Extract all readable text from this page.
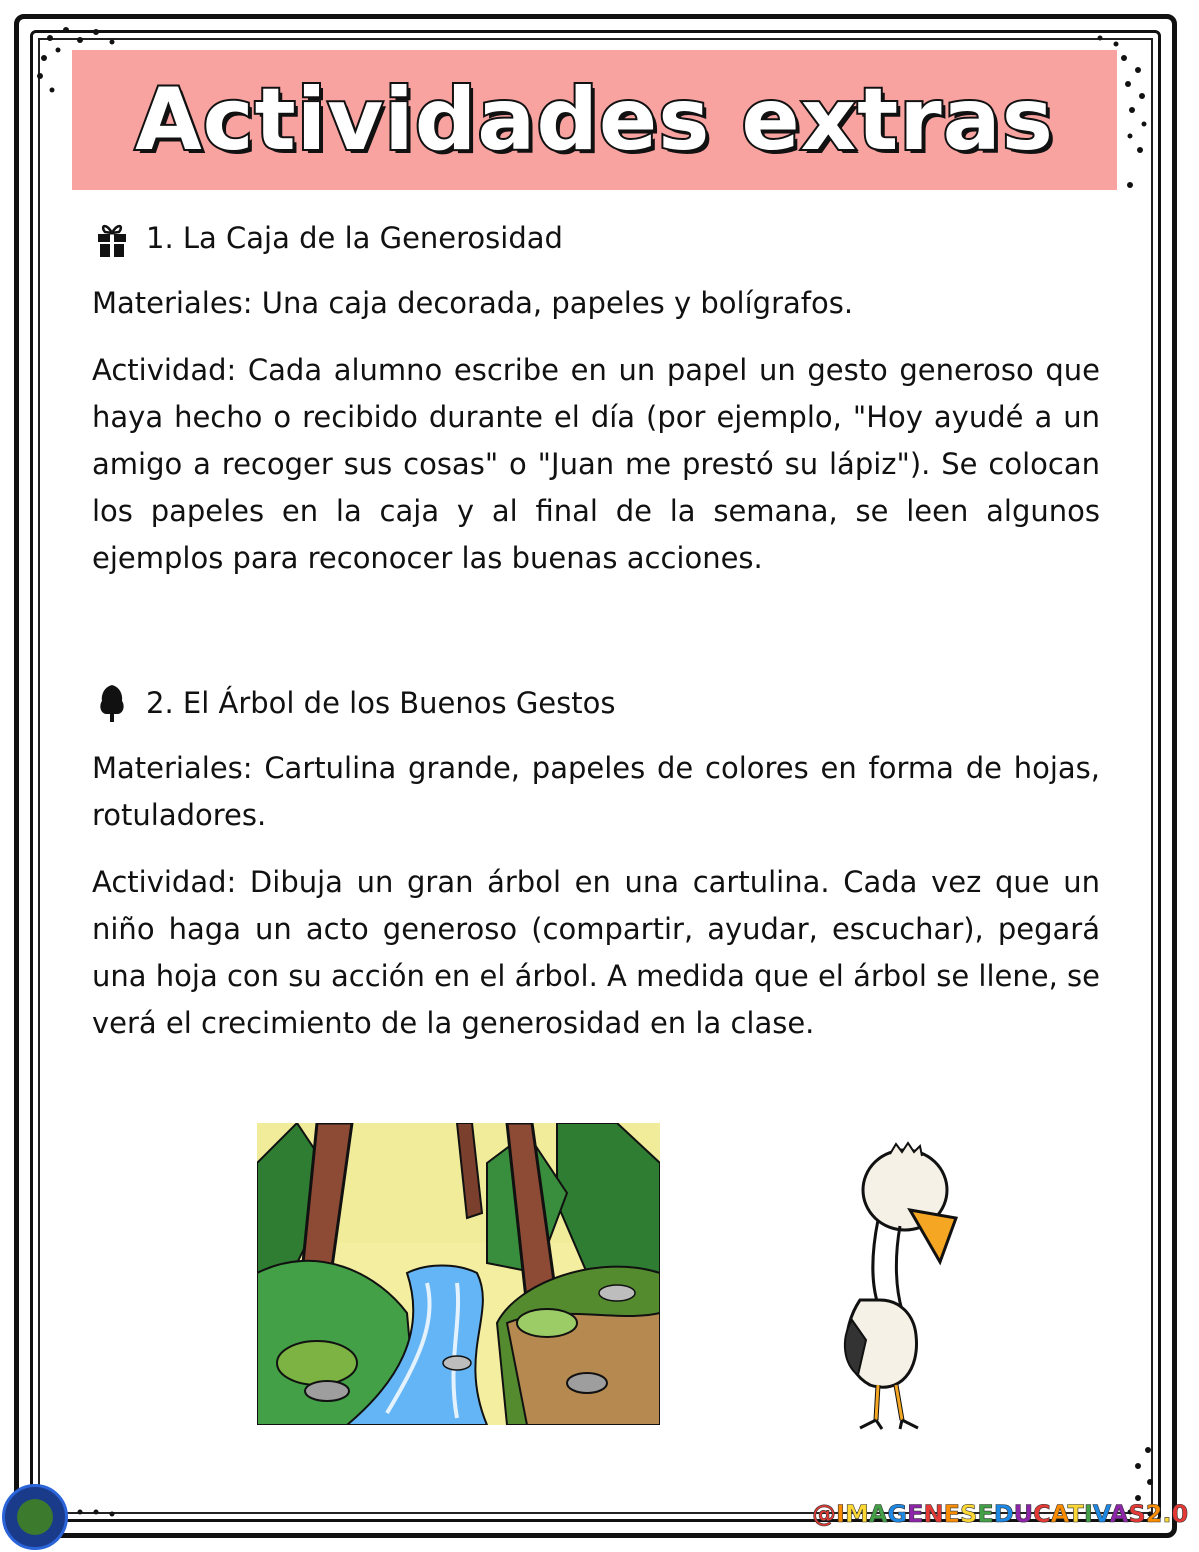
Actividades extras
1. La Caja de la Generosidad

Materiales: Una caja decorada, papeles y bolígrafos.

Actividad: Cada alumno escribe en un papel un gesto generoso que haya hecho o recibido durante el día (por ejemplo, "Hoy ayudé a un amigo a recoger sus cosas" o "Juan me prestó su lápiz"). Se colocan los papeles en la caja y al final de la semana, se leen algunos ejemplos para reconocer las buenas acciones.

2. El Árbol de los Buenos Gestos

Materiales: Cartulina grande, papeles de colores en forma de hojas, rotuladores.

Actividad: Dibuja un gran árbol en una cartulina. Cada vez que un niño haga un acto generoso (compartir, ayudar, escuchar), pegará una hoja con su acción en el árbol. A medida que el árbol se llene, se verá el crecimiento de la generosidad en la clase.

@IMAGENESEDUCATIVAS2.0
